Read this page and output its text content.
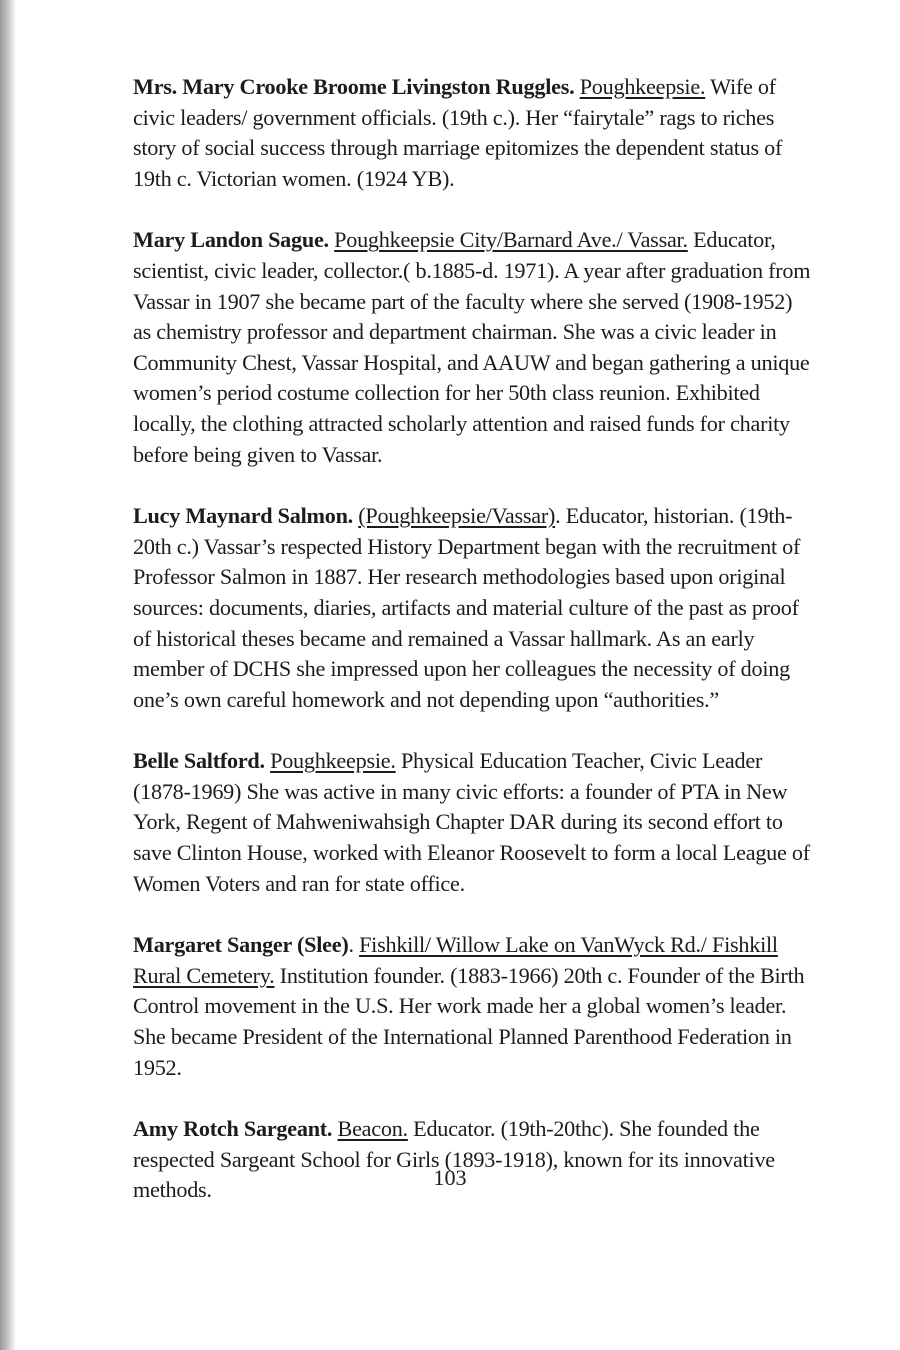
Mrs. Mary Crooke Broome Livingston Ruggles. Poughkeepsie. Wife of civic leaders/ government officials. (19th c.). Her “fairytale” rags to riches story of social success through marriage epitomizes the dependent status of 19th c. Victorian women. (1924 YB).

Mary Landon Sague. Poughkeepsie City/Barnard Ave./ Vassar. Educator, scientist, civic leader, collector.( b.1885-d. 1971). A year after graduation from Vassar in 1907 she became part of the faculty where she served (1908-1952) as chemistry professor and department chairman. She was a civic leader in Community Chest, Vassar Hospital, and AAUW and began gathering a unique women’s period costume collection for her 50th class reunion. Exhibited locally, the clothing attracted scholarly attention and raised funds for charity before being given to Vassar.

Lucy Maynard Salmon. (Poughkeepsie/Vassar). Educator, historian. (19th- 20th c.) Vassar’s respected History Department began with the recruitment of Professor Salmon in 1887. Her research methodologies based upon original sources: documents, diaries, artifacts and material culture of the past as proof of historical theses became and remained a Vassar hallmark. As an early member of DCHS she impressed upon her colleagues the necessity of doing one’s own careful homework and not depending upon “authorities.”

Belle Saltford. Poughkeepsie. Physical Education Teacher, Civic Leader (1878-1969) She was active in many civic efforts: a founder of PTA in New York, Regent of Mahweniwahsigh Chapter DAR during its second effort to save Clinton House, worked with Eleanor Roosevelt to form a local League of Women Voters and ran for state office.

Margaret Sanger (Slee). Fishkill/ Willow Lake on VanWyck Rd./ Fishkill Rural Cemetery. Institution founder. (1883-1966) 20th c. Founder of the Birth Control movement in the U.S. Her work made her a global women’s leader. She became President of the International Planned Parenthood Federation in 1952.

Amy Rotch Sargeant. Beacon. Educator. (19th-20thc). She founded the respected Sargeant School for Girls (1893-1918), known for its innovative methods.	103
